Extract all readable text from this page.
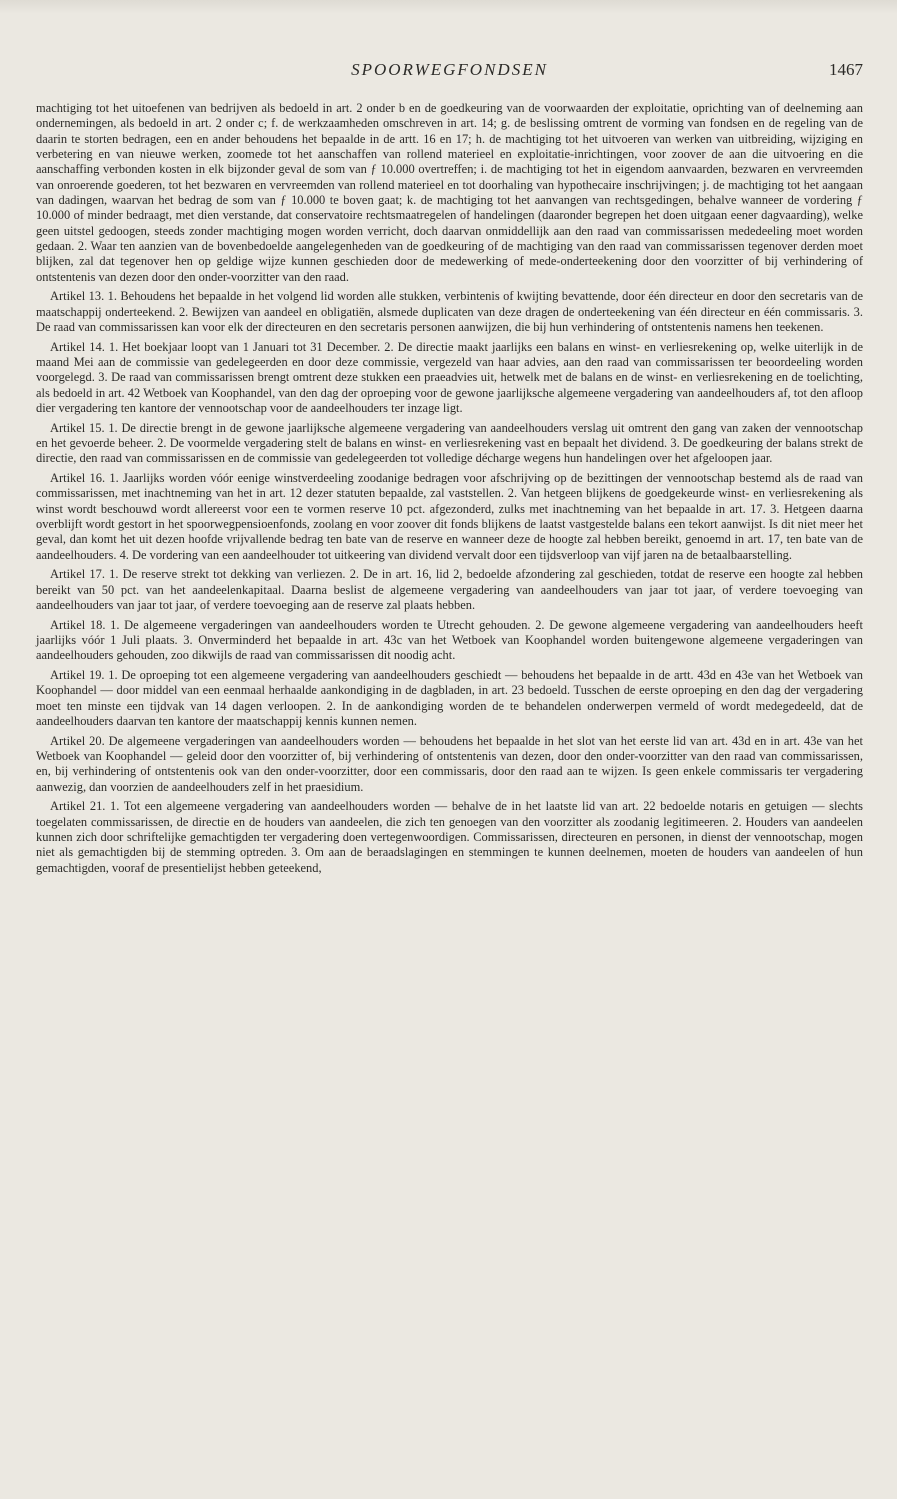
SPOORWEGFONDSEN	1467

machtiging tot het uitoefenen van bedrijven als bedoeld in art. 2 onder b en de goedkeuring van de voorwaarden der exploitatie, oprichting van of deelneming aan ondernemingen, als bedoeld in art. 2 onder c; f. de werkzaamheden omschreven in art. 14; g. de beslissing omtrent de vorming van fondsen en de regeling van de daarin te storten bedragen, een en ander behoudens het bepaalde in de artt. 16 en 17; h. de machtiging tot het uitvoeren van werken van uitbreiding, wijziging en verbetering en van nieuwe werken, zoomede tot het aanschaffen van rollend materieel en exploitatie-inrichtingen, voor zoover de aan die uitvoering en die aanschaffing verbonden kosten in elk bijzonder geval de som van ƒ 10.000 overtreffen; i. de machtiging tot het in eigendom aanvaarden, bezwaren en vervreemden van onroerende goederen, tot het bezwaren en vervreemden van rollend materieel en tot doorhaling van hypothecaire inschrijvingen; j. de machtiging tot het aangaan van dadingen, waarvan het bedrag de som van ƒ 10.000 te boven gaat; k. de machtiging tot het aanvangen van rechtsgedingen, behalve wanneer de vordering ƒ 10.000 of minder bedraagt, met dien verstande, dat conservatoire rechtsmaatregelen of handelingen (daaronder begrepen het doen uitgaan eener dagvaarding), welke geen uitstel gedoogen, steeds zonder machtiging mogen worden verricht, doch daarvan onmiddellijk aan den raad van commissarissen mededeeling moet worden gedaan. 2. Waar ten aanzien van de bovenbedoelde aangelegenheden van de goedkeuring of de machtiging van den raad van commissarissen tegenover derden moet blijken, zal dat tegenover hen op geldige wijze kunnen geschieden door de medewerking of mede-onderteekening door den voorzitter of bij verhindering of ontstentenis van dezen door den onder-voorzitter van den raad.

Artikel 13. 1. Behoudens het bepaalde in het volgend lid worden alle stukken, verbintenis of kwijting bevattende, door één directeur en door den secretaris van de maatschappij onderteekend. 2. Bewijzen van aandeel en obligatiën, alsmede duplicaten van deze dragen de onderteekening van één directeur en één commissaris. 3. De raad van commissarissen kan voor elk der directeuren en den secretaris personen aanwijzen, die bij hun verhindering of ontstentenis namens hen teekenen.

Artikel 14. 1. Het boekjaar loopt van 1 Januari tot 31 December. 2. De directie maakt jaarlijks een balans en winst- en verliesrekening op, welke uiterlijk in de maand Mei aan de commissie van gedelegeerden en door deze commissie, vergezeld van haar advies, aan den raad van commissarissen ter beoordeeling worden voorgelegd. 3. De raad van commissarissen brengt omtrent deze stukken een praeadvies uit, hetwelk met de balans en de winst- en verliesrekening en de toelichting, als bedoeld in art. 42 Wetboek van Koophandel, van den dag der oproeping voor de gewone jaarlijksche algemeene vergadering van aandeelhouders af, tot den afloop dier vergadering ten kantore der vennootschap voor de aandeelhouders ter inzage ligt.

Artikel 15. 1. De directie brengt in de gewone jaarlijksche algemeene vergadering van aandeelhouders verslag uit omtrent den gang van zaken der vennootschap en het gevoerde beheer. 2. De voormelde vergadering stelt de balans en winst- en verliesrekening vast en bepaalt het dividend. 3. De goedkeuring der balans strekt de directie, den raad van commissarissen en de commissie van gedelegeerden tot volledige décharge wegens hun handelingen over het afgeloopen jaar.

Artikel 16. 1. Jaarlijks worden vóór eenige winstverdeeling zoodanige bedragen voor afschrijving op de bezittingen der vennootschap bestemd als de raad van commissarissen, met inachtneming van het in art. 12 dezer statuten bepaalde, zal vaststellen. 2. Van hetgeen blijkens de goedgekeurde winst- en verliesrekening als winst wordt beschouwd wordt allereerst voor een te vormen reserve 10 pct. afgezonderd, zulks met inachtneming van het bepaalde in art. 17. 3. Hetgeen daarna overblijft wordt gestort in het spoorwegpensioenfonds, zoolang en voor zoover dit fonds blijkens de laatst vastgestelde balans een tekort aanwijst. Is dit niet meer het geval, dan komt het uit dezen hoofde vrijvallende bedrag ten bate van de reserve en wanneer deze de hoogte zal hebben bereikt, genoemd in art. 17, ten bate van de aandeelhouders. 4. De vordering van een aandeelhouder tot uitkeering van dividend vervalt door een tijdsverloop van vijf jaren na de betaalbaarstelling.

Artikel 17. 1. De reserve strekt tot dekking van verliezen. 2. De in art. 16, lid 2, bedoelde afzondering zal geschieden, totdat de reserve een hoogte zal hebben bereikt van 50 pct. van het aandeelenkapitaal. Daarna beslist de algemeene vergadering van aandeelhouders van jaar tot jaar, of verdere toevoeging van aandeelhouders van jaar tot jaar, of verdere toevoeging aan de reserve zal plaats hebben.

Artikel 18. 1. De algemeene vergaderingen van aandeelhouders worden te Utrecht gehouden. 2. De gewone algemeene vergadering van aandeelhouders heeft jaarlijks vóór 1 Juli plaats. 3. Onverminderd het bepaalde in art. 43c van het Wetboek van Koophandel worden buitengewone algemeene vergaderingen van aandeelhouders gehouden, zoo dikwijls de raad van commissarissen dit noodig acht.

Artikel 19. 1. De oproeping tot een algemeene vergadering van aandeelhouders geschiedt — behoudens het bepaalde in de artt. 43d en 43e van het Wetboek van Koophandel — door middel van een eenmaal herhaalde aankondiging in de dagbladen, in art. 23 bedoeld. Tusschen de eerste oproeping en den dag der vergadering moet ten minste een tijdvak van 14 dagen verloopen. 2. In de aankondiging worden de te behandelen onderwerpen vermeld of wordt medegedeeld, dat de aandeelhouders daarvan ten kantore der maatschappij kennis kunnen nemen.

Artikel 20. De algemeene vergaderingen van aandeelhouders worden — behoudens het bepaalde in het slot van het eerste lid van art. 43d en in art. 43e van het Wetboek van Koophandel — geleid door den voorzitter of, bij verhindering of ontstentenis van dezen, door den onder-voorzitter van den raad van commissarissen, en, bij verhindering of ontstentenis ook van den onder-voorzitter, door een commissaris, door den raad aan te wijzen. Is geen enkele commissaris ter vergadering aanwezig, dan voorzien de aandeelhouders zelf in het praesidium.

Artikel 21. 1. Tot een algemeene vergadering van aandeelhouders worden — behalve de in het laatste lid van art. 22 bedoelde notaris en getuigen — slechts toegelaten commissarissen, de directie en de houders van aandeelen, die zich ten genoegen van den voorzitter als zoodanig legitimeeren. 2. Houders van aandeelen kunnen zich door schriftelijke gemachtigden ter vergadering doen vertegenwoordigen. Commissarissen, directeuren en personen, in dienst der vennootschap, mogen niet als gemachtigden bij de stemming optreden. 3. Om aan de beraadslagingen en stemmingen te kunnen deelnemen, moeten de houders van aandeelen of hun gemachtigden, vooraf de presentielijst hebben geteekend,
